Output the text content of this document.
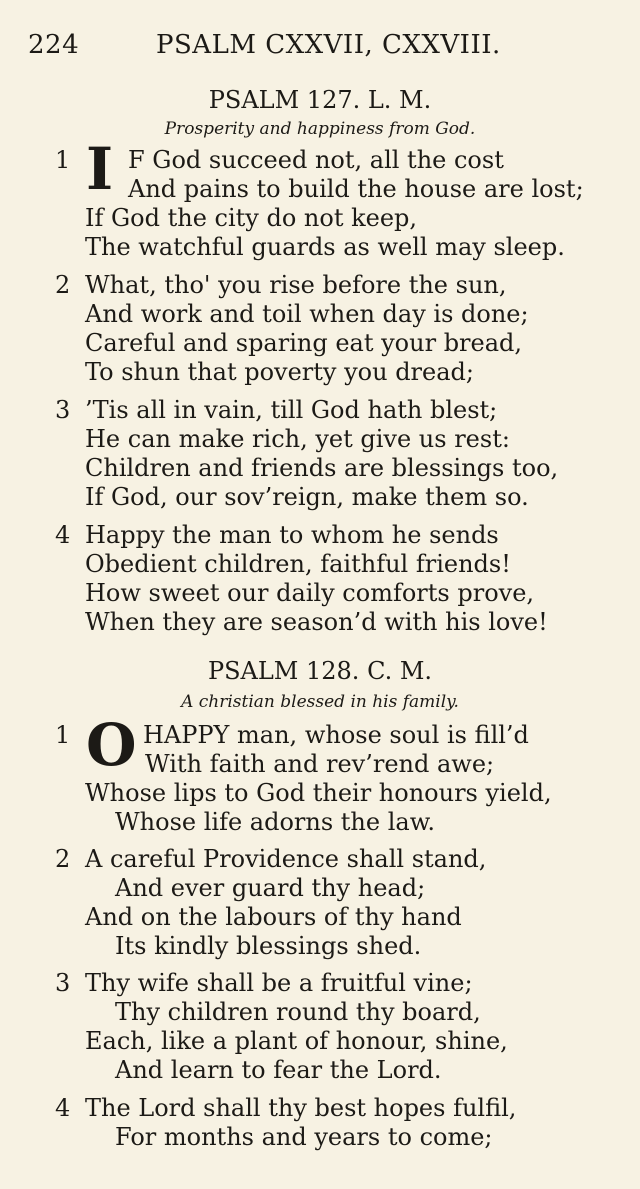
224	PSALM CXXVII, CXXVIII.
PSALM 127. L. M.
Prosperity and happiness from God.
1 I F God succeed not, all the cost
And pains to build the house are lost;
If God the city do not keep,
The watchful guards as well may sleep.
2 What, tho' you rise before the sun,
And work and toil when day is done;
Careful and sparing eat your bread,
To shun that poverty you dread;
3 ’Tis all in vain, till God hath blest;
He can make rich, yet give us rest:
Children and friends are blessings too,
If God, our sov’reign, make them so.
4 Happy the man to whom he sends
Obedient children, faithful friends!
How sweet our daily comforts prove,
When they are season’d with his love!
PSALM 128. C. M.
A christian blessed in his family.
1 O HAPPY man, whose soul is fill’d
With faith and rev’rend awe;
Whose lips to God their honours yield,
Whose life adorns the law.
2 A careful Providence shall stand,
And ever guard thy head;
And on the labours of thy hand
Its kindly blessings shed.
3 Thy wife shall be a fruitful vine;
Thy children round thy board,
Each, like a plant of honour, shine,
And learn to fear the Lord.
4 The Lord shall thy best hopes fulfil,
For months and years to come;
